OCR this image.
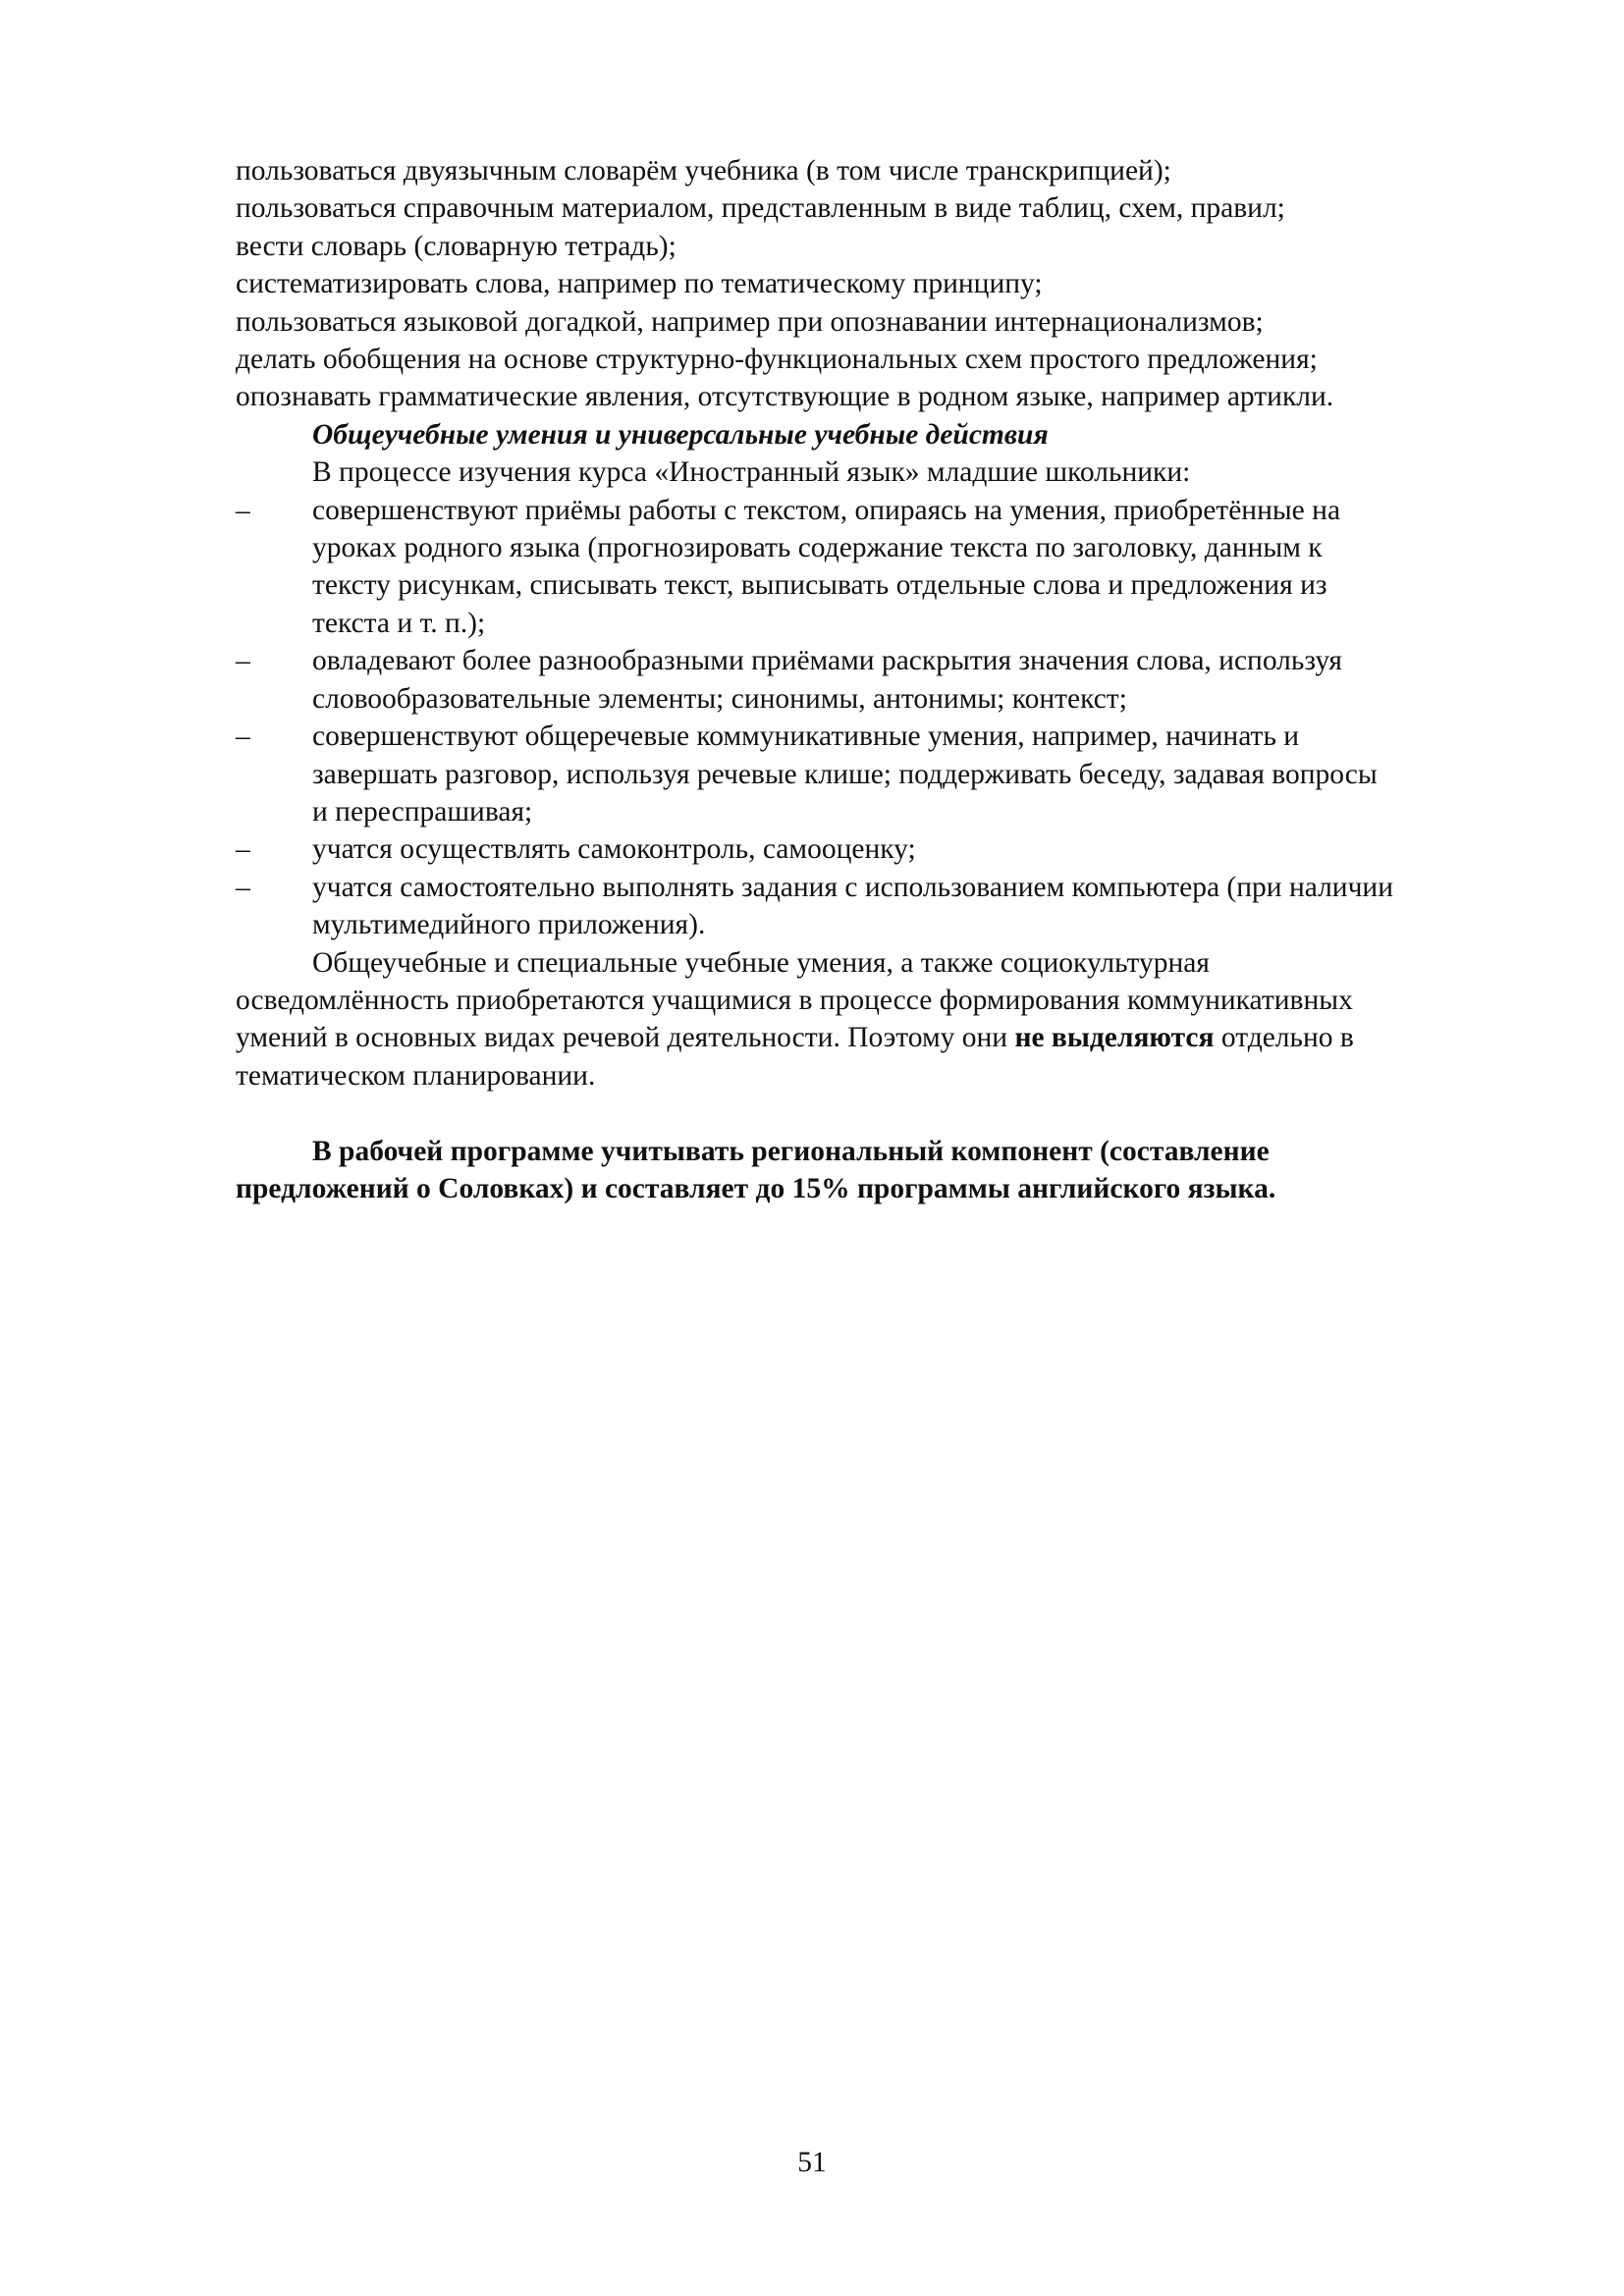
пользоваться двуязычным словарём учебника (в том числе транскрипцией);

пользоваться справочным материалом, представленным в виде таблиц, схем, правил;

вести словарь (словарную тетрадь);

систематизировать слова, например по тематическому принципу;

пользоваться языковой догадкой, например при опознавании интернационализмов;

делать обобщения на основе структурно-функциональных схем простого предложения;

опознавать грамматические явления, отсутствующие в родном языке, например артикли.

Общеучебные умения и универсальные учебные действия

В процессе изучения курса «Иностранный язык» младшие школьники:

– совершенствуют приёмы работы с текстом, опираясь на умения, приобретённые на
уроках родного языка (прогнозировать содержание текста по заголовку, данным к
тексту рисункам, списывать текст, выписывать отдельные слова и предложения из
текста и т. п.);
– овладевают более разнообразными приёмами раскрытия значения слова, используя
словообразовательные элементы; синонимы, антонимы; контекст;
– совершенствуют общеречевые коммуникативные умения, например, начинать и
завершать разговор, используя речевые клише; поддерживать беседу, задавая вопросы
и переспрашивая;
– учатся осуществлять самоконтроль, самооценку;
– учатся самостоятельно выполнять задания с использованием компьютера (при наличии
мультимедийного приложения).

Общеучебные и специальные учебные умения, а также социокультурная

осведомлённость приобретаются учащимися в процессе формирования коммуникативных

умений в основных видах речевой деятельности. Поэтому они не выделяются отдельно в

тематическом планировании.

В рабочей программе учитывать региональный компонент (составление

предложений о Соловках) и составляет до 15% программы английского языка.

51
